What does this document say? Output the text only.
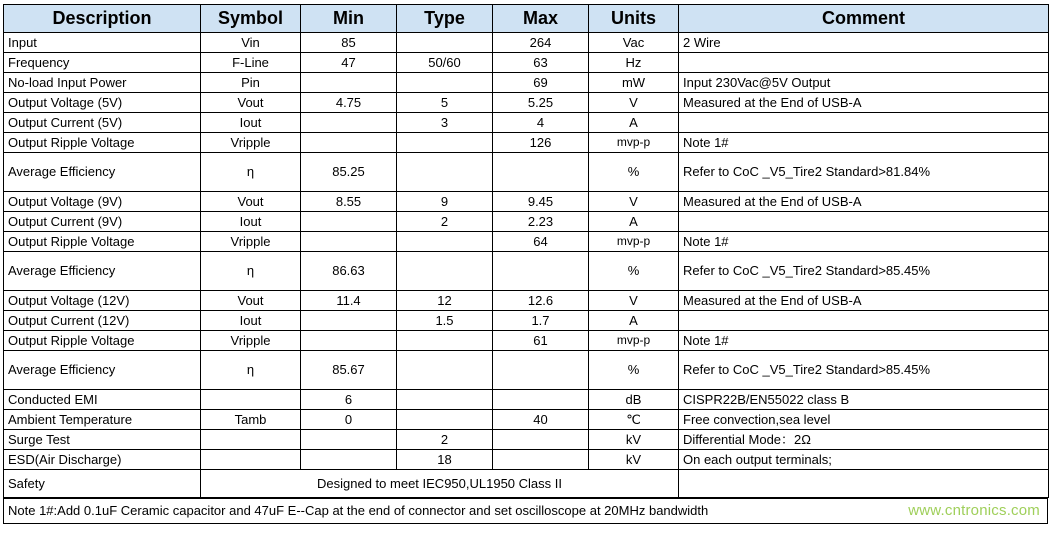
Description	Symbol	Min	Type	Max	Units	Comment
Input	Vin	85		264	Vac	2 Wire
Frequency	F-Line	47	50/60	63	Hz	
No-load Input Power	Pin			69	mW	Input 230Vac@5V Output
Output Voltage (5V)	Vout	4.75	5	5.25	V	Measured at the End of USB-A
Output Current (5V)	Iout		3	4	A	
Output Ripple Voltage	Vripple			126	mvp-p	Note 1#
Average Efficiency	η	85.25			%	Refer to CoC _V5_Tire2 Standard>81.84%
Output Voltage (9V)	Vout	8.55	9	9.45	V	Measured at the End of USB-A
Output Current (9V)	Iout		2	2.23	A	
Output Ripple Voltage	Vripple			64	mvp-p	Note 1#
Average Efficiency	η	86.63			%	Refer to CoC _V5_Tire2 Standard>85.45%
Output Voltage (12V)	Vout	11.4	12	12.6	V	Measured at the End of USB-A
Output Current (12V)	Iout		1.5	1.7	A	
Output Ripple Voltage	Vripple			61	mvp-p	Note 1#
Average Efficiency	η	85.67			%	Refer to CoC _V5_Tire2 Standard>85.45%
Conducted EMI		6			dB	CISPR22B/EN55022 class B
Ambient Temperature	Tamb	0		40	℃	Free convection,sea level
Surge Test			2		kV	Differential Mode：2Ω
ESD(Air Discharge)			18		kV	On each output terminals;
Safety	Designed to meet IEC950,UL1950 Class II					
Note 1#:Add 0.1uF Ceramic capacitor and 47uF E--Cap at the end of connector and set oscilloscope at 20MHz bandwidth	www.cntronics.com
